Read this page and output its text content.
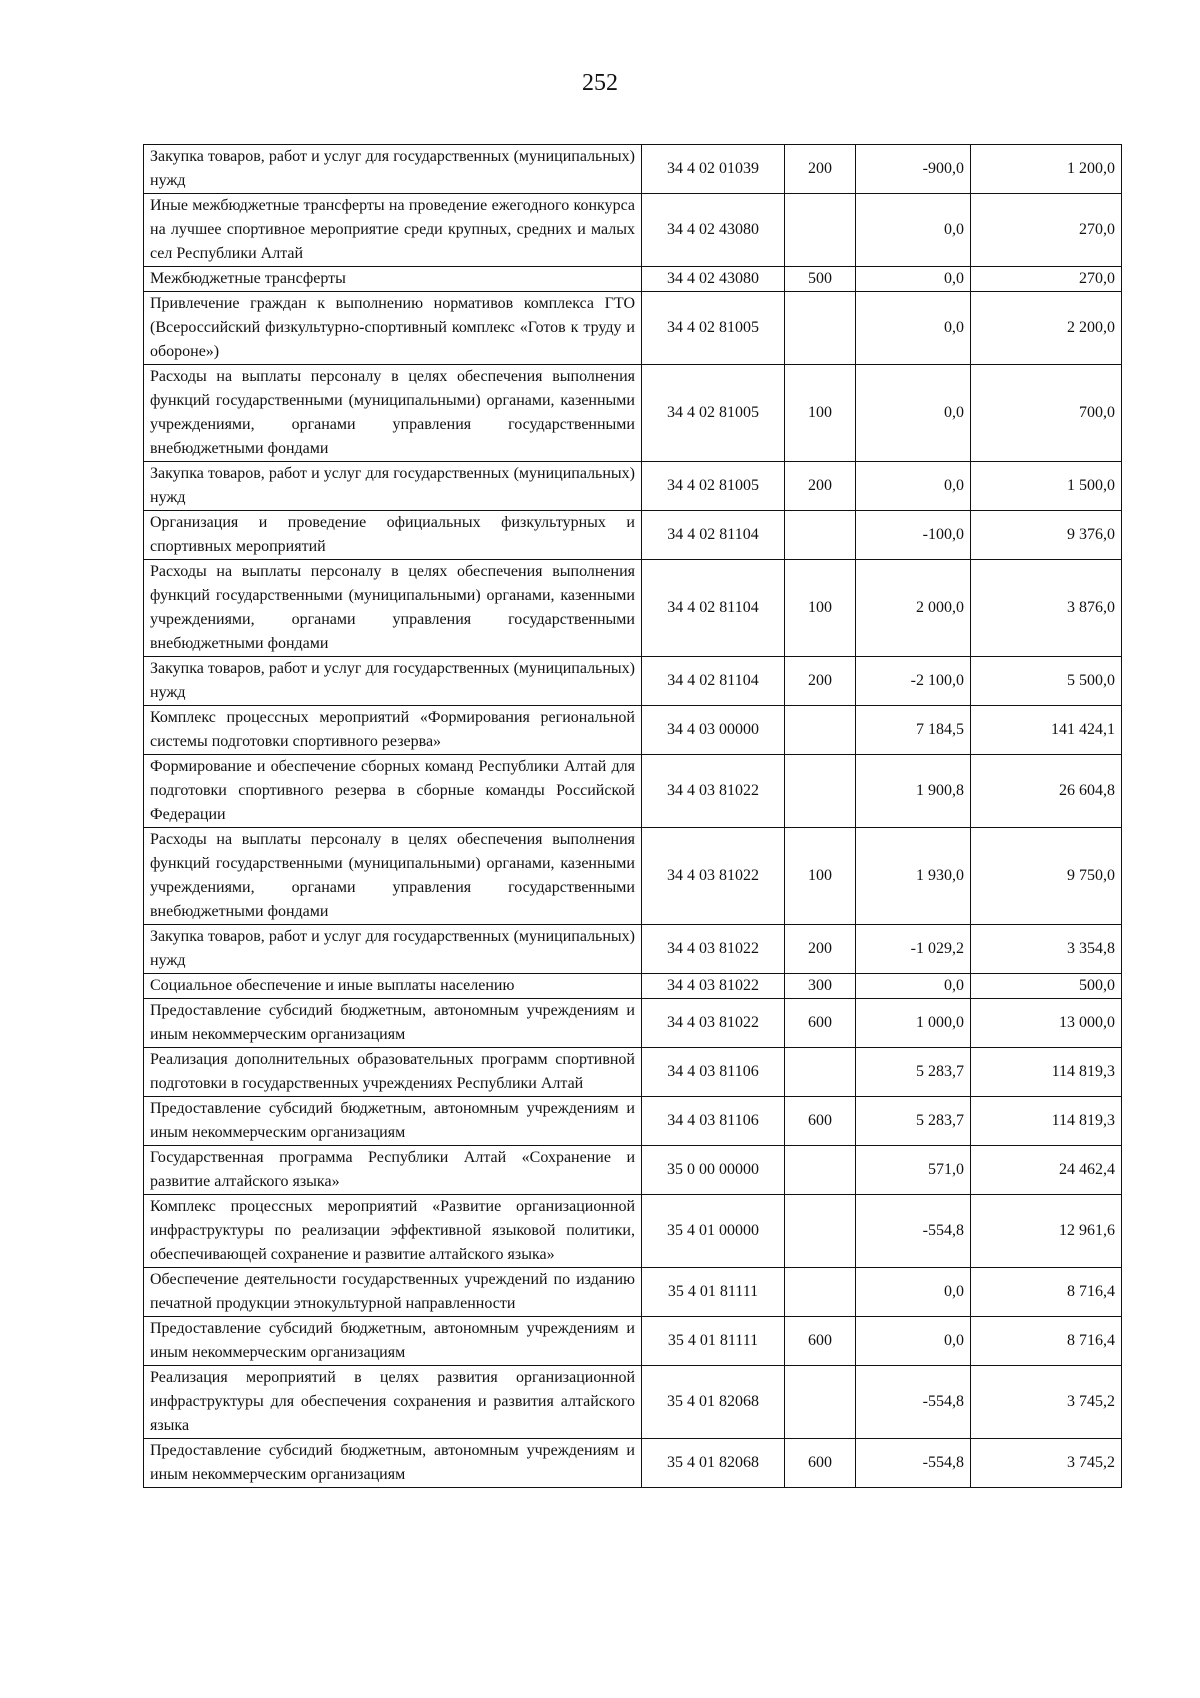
252
Закупка товаров, работ и услуг для государственных (муниципальных) нужд	34 4 02 01039	200	-900,0	1 200,0
Иные межбюджетные трансферты на проведение ежегодного конкурса на лучшее спортивное мероприятие среди крупных, средних и малых сел Республики Алтай	34 4 02 43080		0,0	270,0
Межбюджетные трансферты	34 4 02 43080	500	0,0	270,0
Привлечение граждан к выполнению нормативов комплекса ГТО (Всероссийский физкультурно-спортивный комплекс «Готов к труду и обороне»)	34 4 02 81005		0,0	2 200,0
Расходы на выплаты персоналу в целях обеспечения выполнения функций государственными (муниципальными) органами, казенными учреждениями, органами управления государственными внебюджетными фондами	34 4 02 81005	100	0,0	700,0
Закупка товаров, работ и услуг для государственных (муниципальных) нужд	34 4 02 81005	200	0,0	1 500,0
Организация и проведение официальных физкультурных и спортивных мероприятий	34 4 02 81104		-100,0	9 376,0
Расходы на выплаты персоналу в целях обеспечения выполнения функций государственными (муниципальными) органами, казенными учреждениями, органами управления государственными внебюджетными фондами	34 4 02 81104	100	2 000,0	3 876,0
Закупка товаров, работ и услуг для государственных (муниципальных) нужд	34 4 02 81104	200	-2 100,0	5 500,0
Комплекс процессных мероприятий «Формирования региональной системы подготовки спортивного резерва»	34 4 03 00000		7 184,5	141 424,1
Формирование и обеспечение сборных команд Республики Алтай для подготовки спортивного резерва в сборные команды Российской Федерации	34 4 03 81022		1 900,8	26 604,8
Расходы на выплаты персоналу в целях обеспечения выполнения функций государственными (муниципальными) органами, казенными учреждениями, органами управления государственными внебюджетными фондами	34 4 03 81022	100	1 930,0	9 750,0
Закупка товаров, работ и услуг для государственных (муниципальных) нужд	34 4 03 81022	200	-1 029,2	3 354,8
Социальное обеспечение и иные выплаты населению	34 4 03 81022	300	0,0	500,0
Предоставление субсидий бюджетным, автономным учреждениям и иным некоммерческим организациям	34 4 03 81022	600	1 000,0	13 000,0
Реализация дополнительных образовательных программ спортивной подготовки в государственных учреждениях Республики Алтай	34 4 03 81106		5 283,7	114 819,3
Предоставление субсидий бюджетным, автономным учреждениям и иным некоммерческим организациям	34 4 03 81106	600	5 283,7	114 819,3
Государственная программа Республики Алтай «Сохранение и развитие алтайского языка»	35 0 00 00000		571,0	24 462,4
Комплекс процессных мероприятий «Развитие организационной инфраструктуры по реализации эффективной языковой политики, обеспечивающей сохранение и развитие алтайского языка»	35 4 01 00000		-554,8	12 961,6
Обеспечение деятельности государственных учреждений по изданию печатной продукции этнокультурной направленности	35 4 01 81111		0,0	8 716,4
Предоставление субсидий бюджетным, автономным учреждениям и иным некоммерческим организациям	35 4 01 81111	600	0,0	8 716,4
Реализация мероприятий в целях развития организационной инфраструктуры для обеспечения сохранения и развития алтайского языка	35 4 01 82068		-554,8	3 745,2
Предоставление субсидий бюджетным, автономным учреждениям и иным некоммерческим организациям	35 4 01 82068	600	-554,8	3 745,2
